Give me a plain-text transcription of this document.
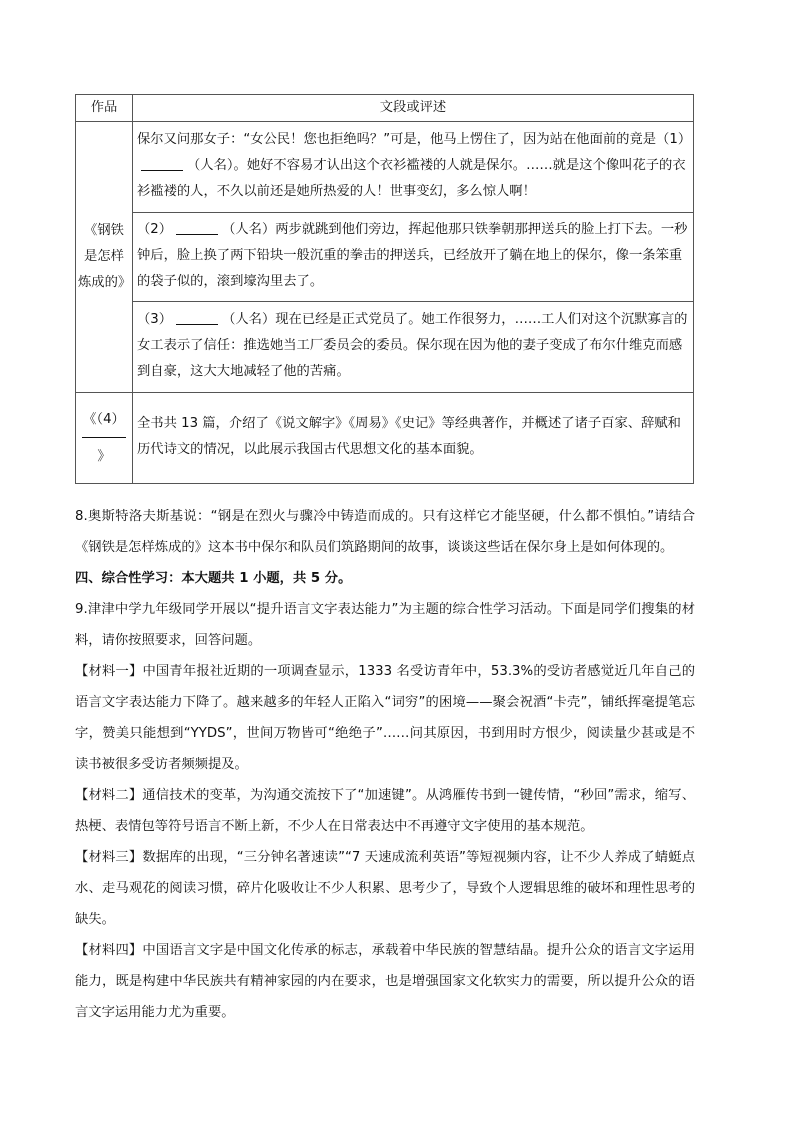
作品	文段或评述
《钢铁是怎样炼成的》	保尔又问那女子：“女公民！您也拒绝吗？”可是，他马上愣住了，因为站在他面前的竟是（1）（人名）。她好不容易才认出这个衣衫褴褛的人就是保尔。……就是这个像叫花子的衣衫褴褛的人，不久以前还是她所热爱的人！世事变幻，多么惊人啊！
	（2） （人名）两步就跳到他们旁边，挥起他那只铁拳朝那押送兵的脸上打下去。一秒钟后，脸上换了两下铅块一般沉重的拳击的押送兵，已经放开了躺在地上的保尔，像一条笨重的袋子似的，滚到壕沟里去了。
	（3） （人名）现在已经是正式党员了。她工作很努力，……工人们对这个沉默寡言的女工表示了信任：推选她当工厂委员会的委员。保尔现在因为他的妻子变成了布尔什维克而感到自豪，这大大地减轻了他的苦痛。
《（4）
》	全书共 13 篇，介绍了《说文解字》《周易》《史记》等经典著作，并概述了诸子百家、辞赋和历代诗文的情况，以此展示我国古代思想文化的基本面貌。
8.奥斯特洛夫斯基说：“钢是在烈火与骤冷中铸造而成的。只有这样它才能坚硬，什么都不惧怕。”请结合《钢铁是怎样炼成的》这本书中保尔和队员们筑路期间的故事，谈谈这些话在保尔身上是如何体现的。
四、综合性学习：本大题共 1 小题，共 5 分。
9.津津中学九年级同学开展以“提升语言文字表达能力”为主题的综合性学习活动。下面是同学们搜集的材料，请你按照要求，回答问题。
【材料一】中国青年报社近期的一项调查显示，1333 名受访青年中，53.3%的受访者感觉近几年自己的语言文字表达能力下降了。越来越多的年轻人正陷入“词穷”的困境——聚会祝酒“卡壳”，铺纸挥毫提笔忘字，赞美只能想到“YYDS”，世间万物皆可“绝绝子”……问其原因，书到用时方恨少，阅读量少甚或是不读书被很多受访者频频提及。
【材料二】通信技术的变革，为沟通交流按下了“加速键”。从鸿雁传书到一键传情，“秒回”需求，缩写、热梗、表情包等符号语言不断上新，不少人在日常表达中不再遵守文字使用的基本规范。
【材料三】数据库的出现，“三分钟名著速读”“7 天速成流利英语”等短视频内容，让不少人养成了蜻蜓点水、走马观花的阅读习惯，碎片化吸收让不少人积累、思考少了，导致个人逻辑思维的破坏和理性思考的缺失。
【材料四】中国语言文字是中国文化传承的标志，承载着中华民族的智慧结晶。提升公众的语言文字运用能力，既是构建中华民族共有精神家园的内在要求，也是增强国家文化软实力的需要，所以提升公众的语言文字运用能力尤为重要。
